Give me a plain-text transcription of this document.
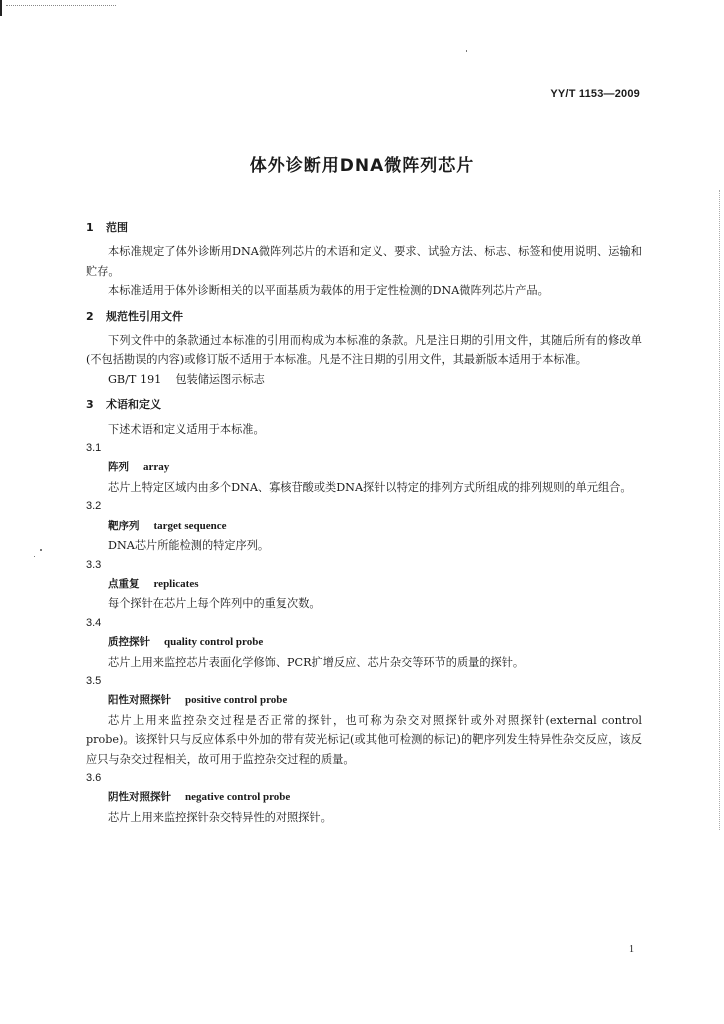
YY/T 1153—2009
体外诊断用DNA微阵列芯片
1 范围

本标准规定了体外诊断用DNA微阵列芯片的术语和定义、要求、试验方法、标志、标签和使用说明、运输和贮存。

本标准适用于体外诊断相关的以平面基质为载体的用于定性检测的DNA微阵列芯片产品。

2 规范性引用文件

下列文件中的条款通过本标准的引用而构成为本标准的条款。凡是注日期的引用文件，其随后所有的修改单(不包括勘误的内容)或修订版不适用于本标准。凡是不注日期的引用文件，其最新版本适用于本标准。

GB/T 191 包装储运图示标志

3 术语和定义

下述术语和定义适用于本标准。

3.1

阵列 array

芯片上特定区域内由多个DNA、寡核苷酸或类DNA探针以特定的排列方式所组成的排列规则的单元组合。

3.2

靶序列 target sequence

DNA芯片所能检测的特定序列。

3.3

点重复 replicates

每个探针在芯片上每个阵列中的重复次数。

3.4

质控探针 quality control probe

芯片上用来监控芯片表面化学修饰、PCR扩增反应、芯片杂交等环节的质量的探针。

3.5

阳性对照探针 positive control probe

芯片上用来监控杂交过程是否正常的探针，也可称为杂交对照探针或外对照探针(external control probe)。该探针只与反应体系中外加的带有荧光标记(或其他可检测的标记)的靶序列发生特异性杂交反应，该反应只与杂交过程相关，故可用于监控杂交过程的质量。

3.6

阴性对照探针 negative control probe

芯片上用来监控探针杂交特异性的对照探针。

1
